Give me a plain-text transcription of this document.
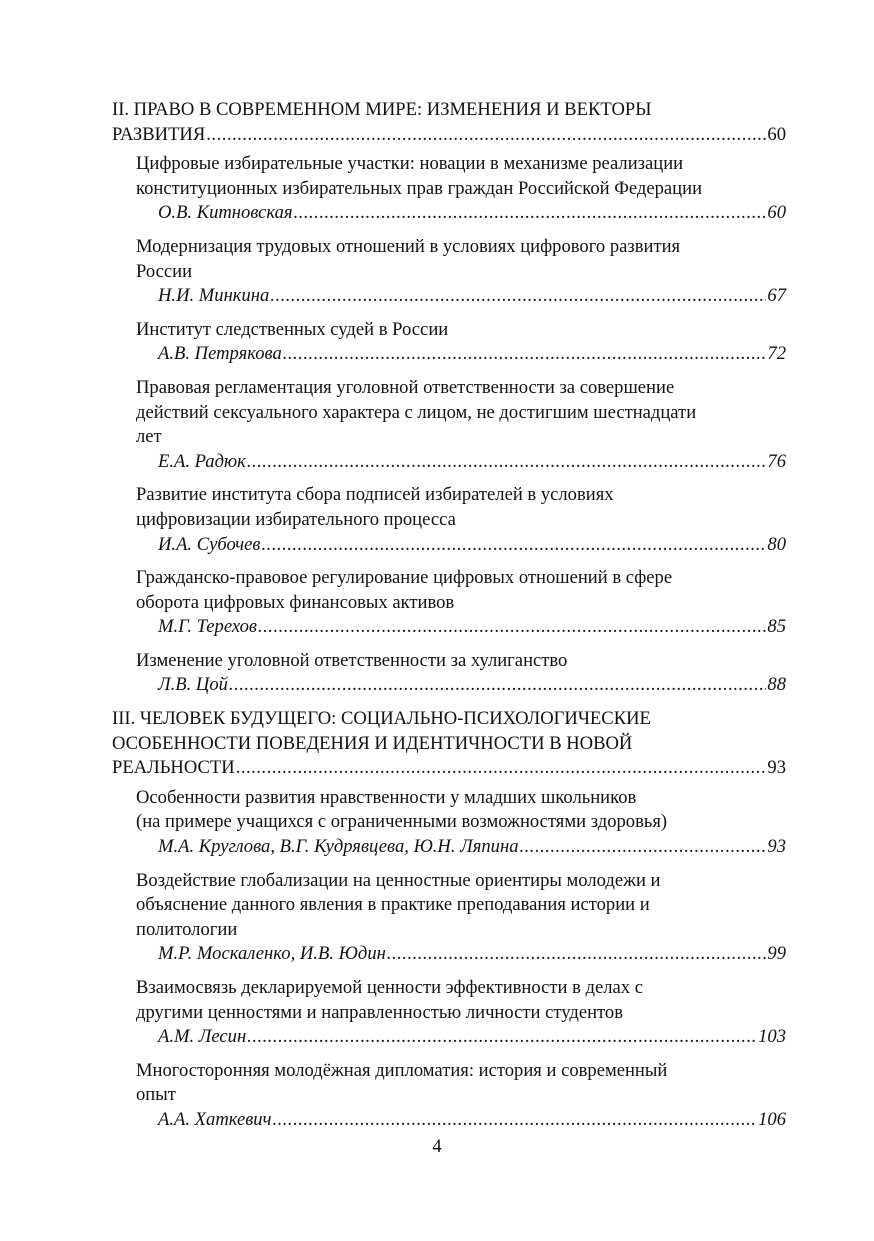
II. ПРАВО В СОВРЕМЕННОМ МИРЕ: ИЗМЕНЕНИЯ И ВЕКТОРЫ
РАЗВИТИЯ .....	60
Цифровые избирательные участки: новации в механизме реализации
конституционных избирательных прав граждан Российской Федерации
О.В. Китновская .....	60
Модернизация трудовых отношений в условиях цифрового развития
России
Н.И. Минкина .....	67
Институт следственных судей в России
А.В. Петрякова .....	72
Правовая регламентация уголовной ответственности за совершение
действий сексуального характера с лицом, не достигшим шестнадцати
лет
Е.А. Радюк .....	76
Развитие института сбора подписей избирателей в условиях
цифровизации избирательного процесса
И.А. Субочев .....	80
Гражданско-правовое регулирование цифровых отношений в сфере
оборота цифровых финансовых активов
М.Г. Терехов .....	85
Изменение уголовной ответственности за хулиганство
Л.В. Цой .....	88
III. ЧЕЛОВЕК БУДУЩЕГО: СОЦИАЛЬНО-ПСИХОЛОГИЧЕСКИЕ
ОСОБЕННОСТИ ПОВЕДЕНИЯ И ИДЕНТИЧНОСТИ В НОВОЙ
РЕАЛЬНОСТИ .....	93
Особенности развития нравственности у младших школьников
(на примере учащихся с ограниченными возможностями здоровья)
М.А. Круглова, В.Г. Кудрявцева, Ю.Н. Ляпина .....	93
Воздействие глобализации на ценностные ориентиры молодежи и
объяснение данного явления в практике преподавания истории и
политологии
М.Р. Москаленко, И.В. Юдин .....	99
Взаимосвязь декларируемой ценности эффективности в делах с
другими ценностями и направленностью личности студентов
А.М. Лесин .....	103
Многосторонняя молодёжная дипломатия: история и современный
опыт
А.А. Хаткевич .....	106
4
